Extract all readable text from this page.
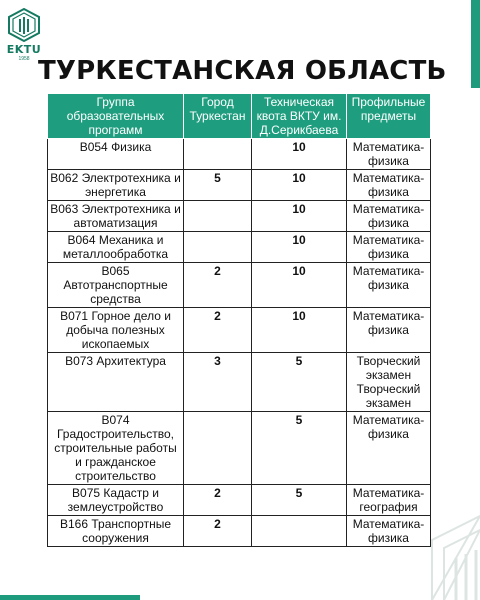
EKTU
1958 ТУРКЕСТАНСКАЯ ОБЛАСТЬ
Группа образовательных программ	Город Туркестан	Техническая квота ВКТУ им. Д.Серикбаева	Профильные предметы
В054 Физика		10	Математика-физика
В062 Электротехника и энергетика	5	10	Математика-физика
В063 Электротехника и автоматизация		10	Математика-физика
В064 Механика и металлообработка		10	Математика-физика
В065 Автотранспортные средства	2	10	Математика-физика
В071 Горное дело и добыча полезных ископаемых	2	10	Математика-физика
В073 Архитектура	3	5	Творческий экзамен Творческий экзамен
В074 Градостроительство, строительные работы и гражданское строительство		5	Математика-физика
В075 Кадастр и землеустройство	2	5	Математика-география
В166 Транспортные сооружения	2		Математика-физика
